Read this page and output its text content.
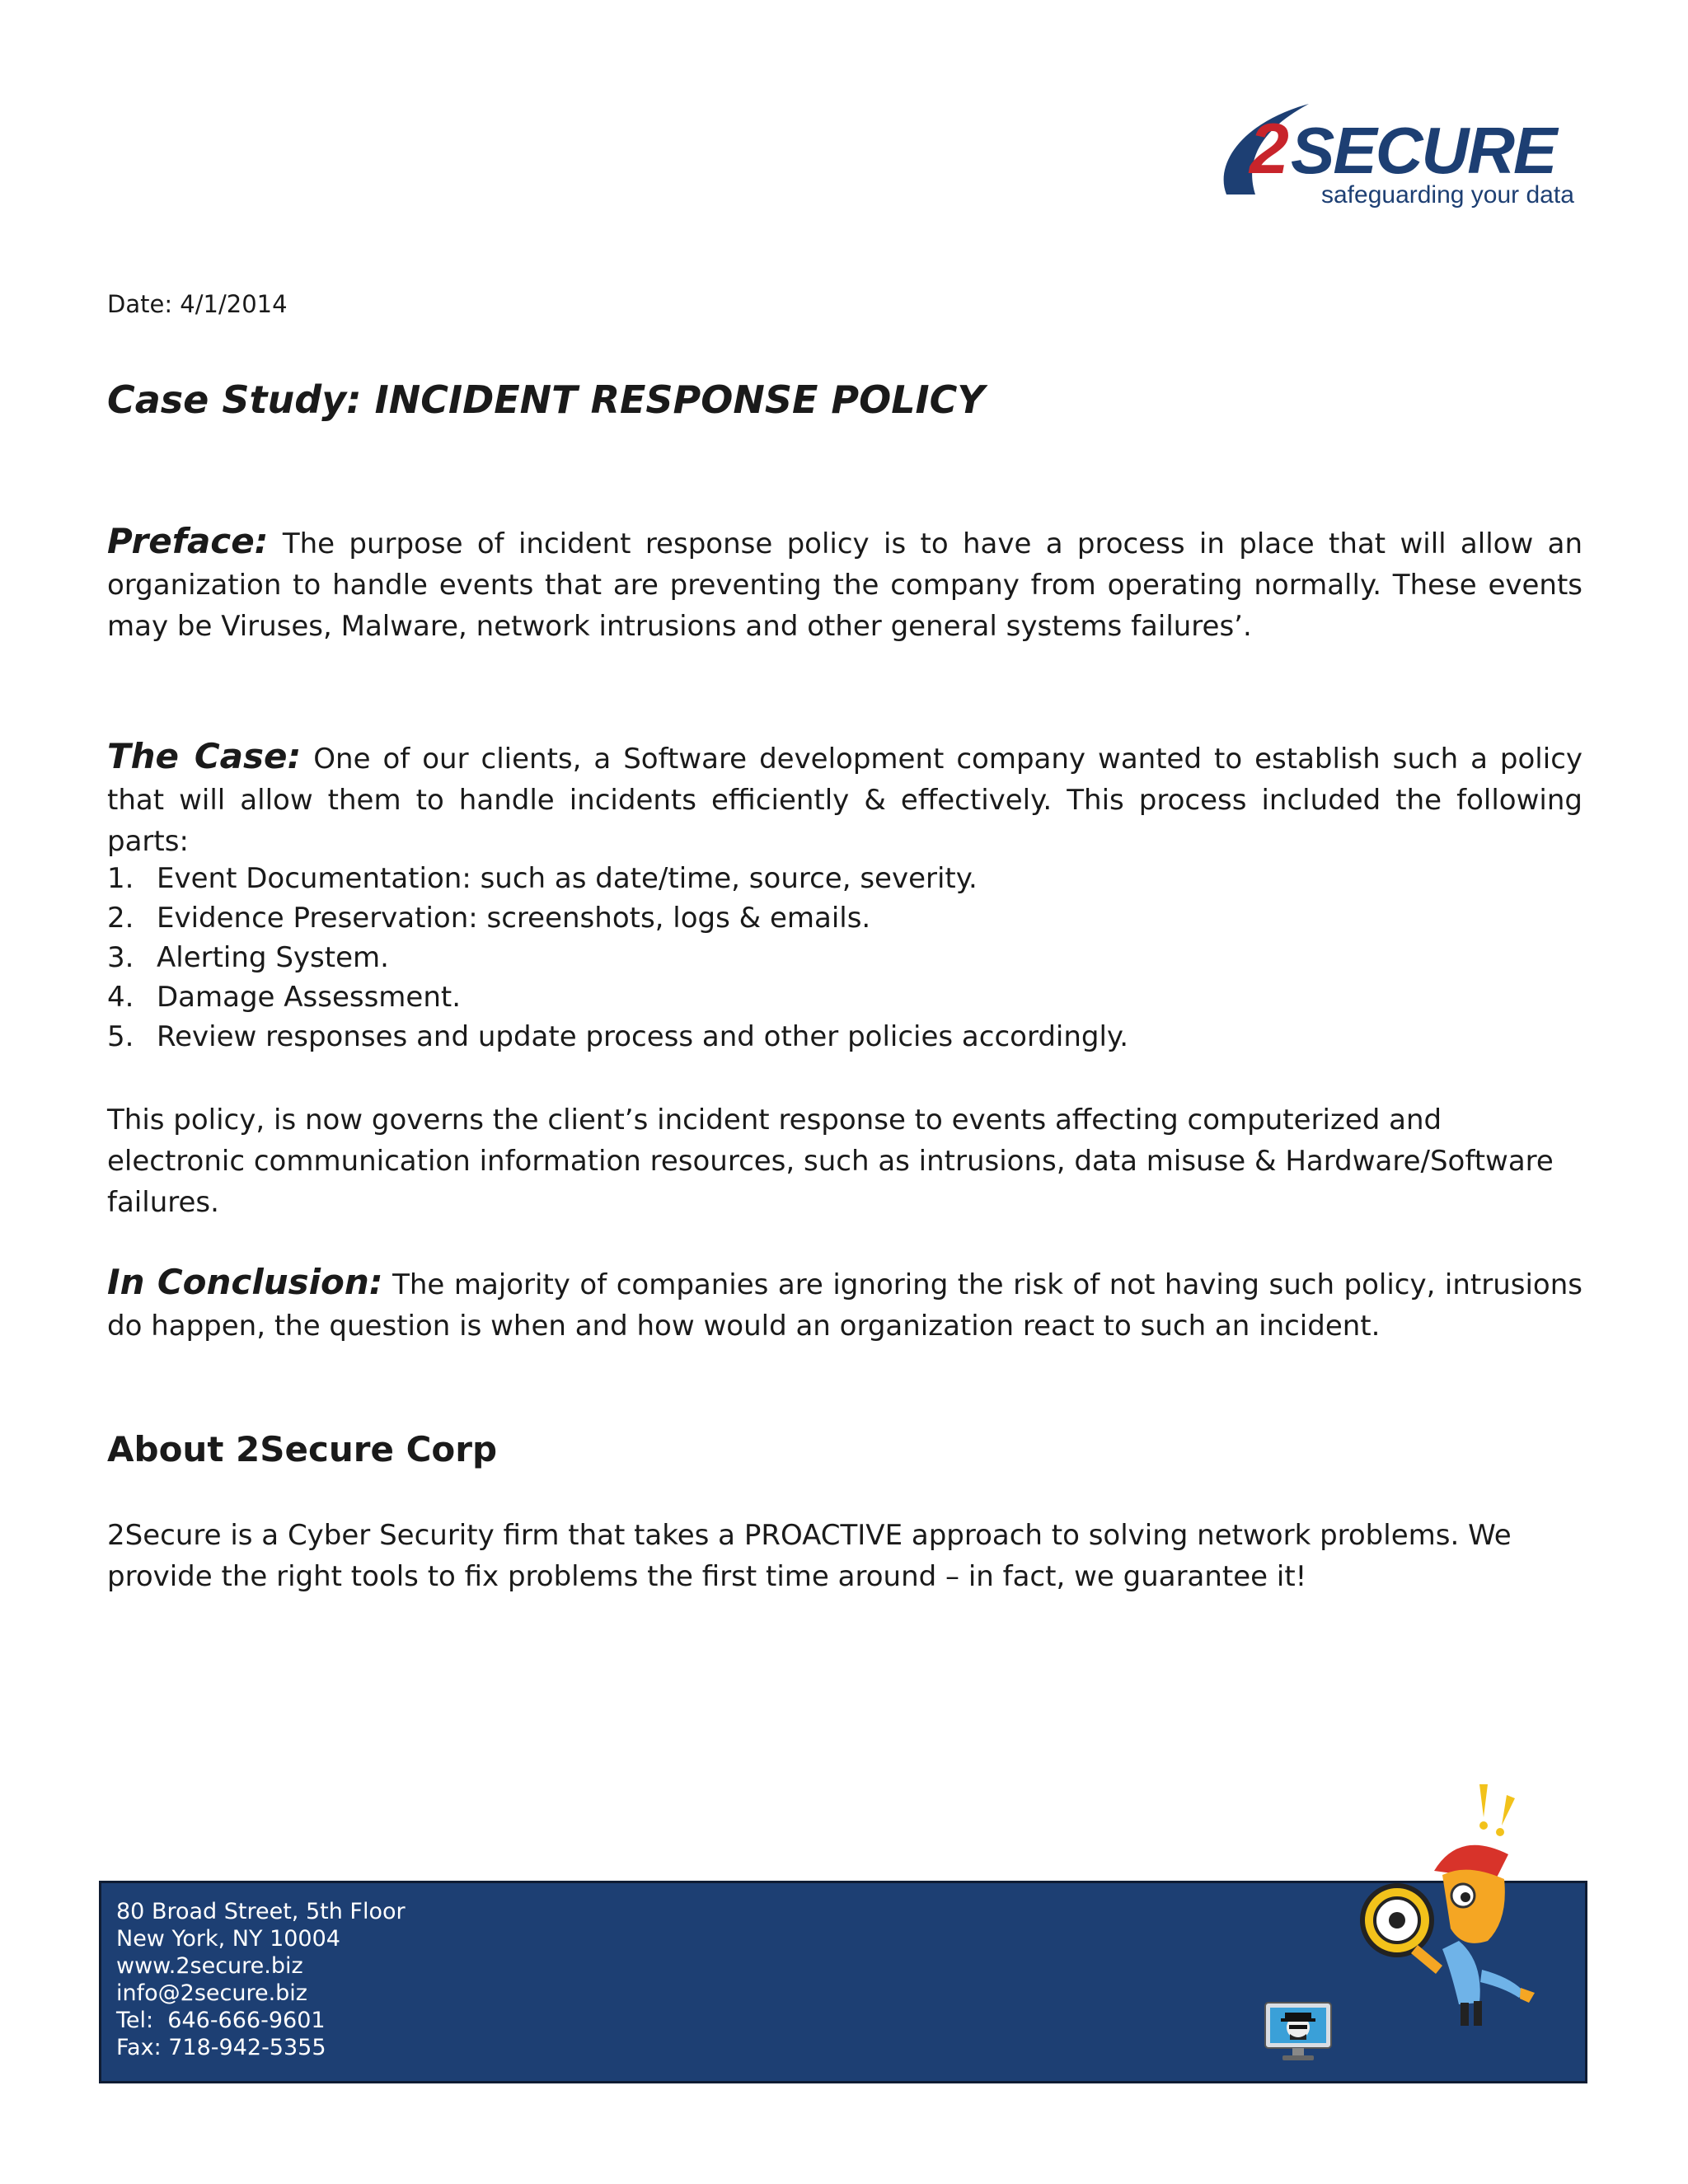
2 SECURE
safeguarding your data
Date: 4/1/2014
Case Study: INCIDENT RESPONSE POLICY

Preface: The purpose of incident response policy is to have a process in place that will allow an organization to handle events that are preventing the company from operating normally. These events may be Viruses, Malware, network intrusions and other general systems failures’.

The Case: One of our clients, a Software development company wanted to establish such a policy that will allow them to handle incidents efficiently & effectively. This process included the following parts:

1. Event Documentation: such as date/time, source, severity.
2. Evidence Preservation: screenshots, logs & emails.
3. Alerting System.
4. Damage Assessment.
5. Review responses and update process and other policies accordingly.

This policy, is now governs the client’s incident response to events affecting computerized and electronic communication information resources, such as intrusions, data misuse & Hardware/Software failures.

In Conclusion: The majority of companies are ignoring the risk of not having such policy, intrusions do happen, the question is when and how would an organization react to such an incident.

About 2Secure Corp

2Secure is a Cyber Security firm that takes a PROACTIVE approach to solving network problems. We provide the right tools to fix problems the first time around – in fact, we guarantee it!

80 Broad Street, 5th Floor
New York, NY 10004
www.2secure.biz
info@2secure.biz
Tel:  646-666-9601
Fax: 718-942-5355
